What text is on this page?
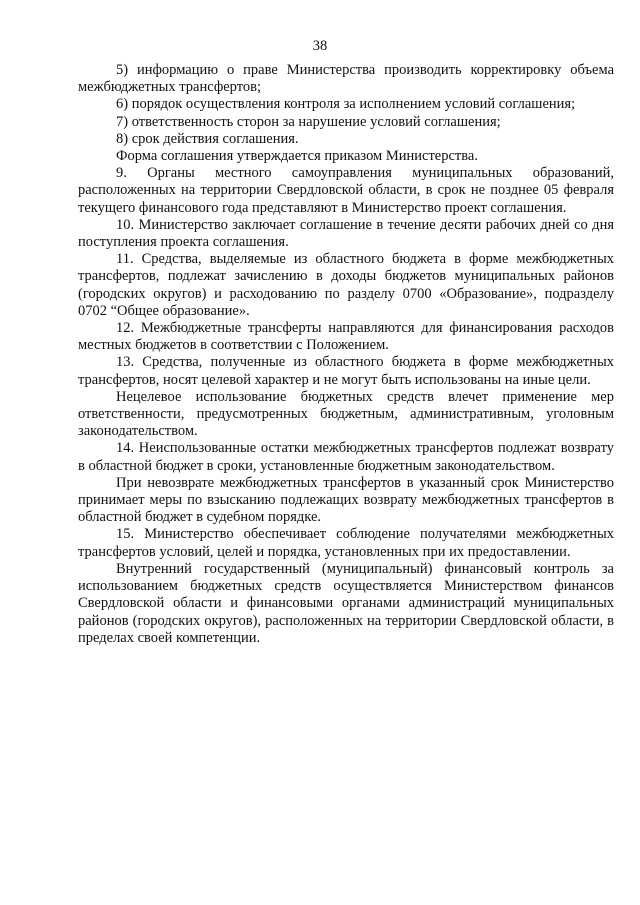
38

5) информацию о праве Министерства производить корректировку объема межбюджетных трансфертов;

6) порядок осуществления контроля за исполнением условий соглашения;

7) ответственность сторон за нарушение условий соглашения;

8) срок действия соглашения.

Форма соглашения утверждается приказом Министерства.

9. Органы местного самоуправления муниципальных образований, расположенных на территории Свердловской области, в срок не позднее 05 февраля текущего финансового года представляют в Министерство проект соглашения.

10. Министерство заключает соглашение в течение десяти рабочих дней со дня поступления проекта соглашения.

11. Средства, выделяемые из областного бюджета в форме межбюджетных трансфертов, подлежат зачислению в доходы бюджетов муниципальных районов (городских округов) и расходованию по разделу 0700 «Образование», подразделу 0702 “Общее образование».

12. Межбюджетные трансферты направляются для финансирования расходов местных бюджетов в соответствии с Положением.

13. Средства, полученные из областного бюджета в форме межбюджетных трансфертов, носят целевой характер и не могут быть использованы на иные цели.

Нецелевое использование бюджетных средств влечет применение мер ответственности, предусмотренных бюджетным, административным, уголовным законодательством.

14. Неиспользованные остатки межбюджетных трансфертов подлежат возврату в областной бюджет в сроки, установленные бюджетным законодательством.

При невозврате межбюджетных трансфертов в указанный срок Министерство принимает меры по взысканию подлежащих возврату межбюджетных трансфертов в областной бюджет в судебном порядке.

15. Министерство обеспечивает соблюдение получателями межбюджетных трансфертов условий, целей и порядка, установленных при их предоставлении.

Внутренний государственный (муниципальный) финансовый контроль за использованием бюджетных средств осуществляется Министерством финансов Свердловской области и финансовыми органами администраций муниципальных районов (городских округов), расположенных на территории Свердловской области, в пределах своей компетенции.
